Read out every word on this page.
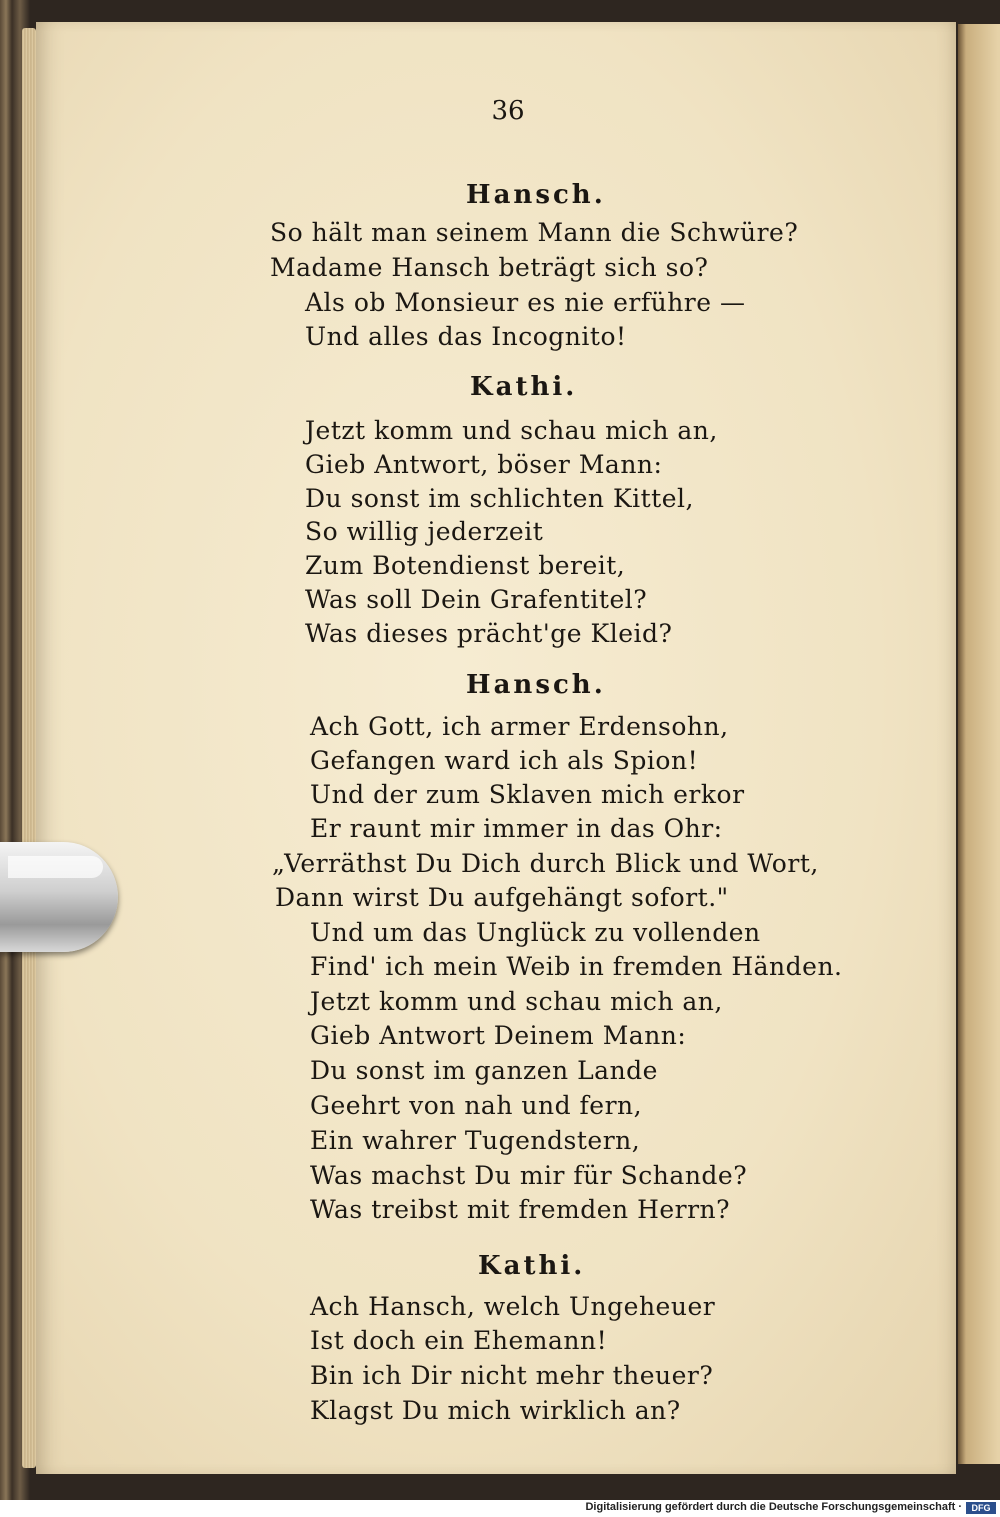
36
Hansch.
So hält man seinem Mann die Schwüre?
Madame Hansch beträgt sich so?
Als ob Monsieur es nie erführe —
Und alles das Incognito!
Kathi.
Jetzt komm und schau mich an,
Gieb Antwort, böser Mann:
Du sonst im schlichten Kittel,
So willig jederzeit
Zum Botendienst bereit,
Was soll Dein Grafentitel?
Was dieses prächt'ge Kleid?
Hansch.
Ach Gott, ich armer Erdensohn,
Gefangen ward ich als Spion!
Und der zum Sklaven mich erkor
Er raunt mir immer in das Ohr:
„Verräthst Du Dich durch Blick und Wort,
Dann wirst Du aufgehängt sofort."
Und um das Unglück zu vollenden
Find' ich mein Weib in fremden Händen.
Jetzt komm und schau mich an,
Gieb Antwort Deinem Mann:
Du sonst im ganzen Lande
Geehrt von nah und fern,
Ein wahrer Tugendstern,
Was machst Du mir für Schande?
Was treibst mit fremden Herrn?
Kathi.
Ach Hansch, welch Ungeheuer
Ist doch ein Ehemann!
Bin ich Dir nicht mehr theuer?
Klagst Du mich wirklich an?
Digitalisierung gefördert durch die Deutsche Forschungsgemeinschaft ·	DFG
